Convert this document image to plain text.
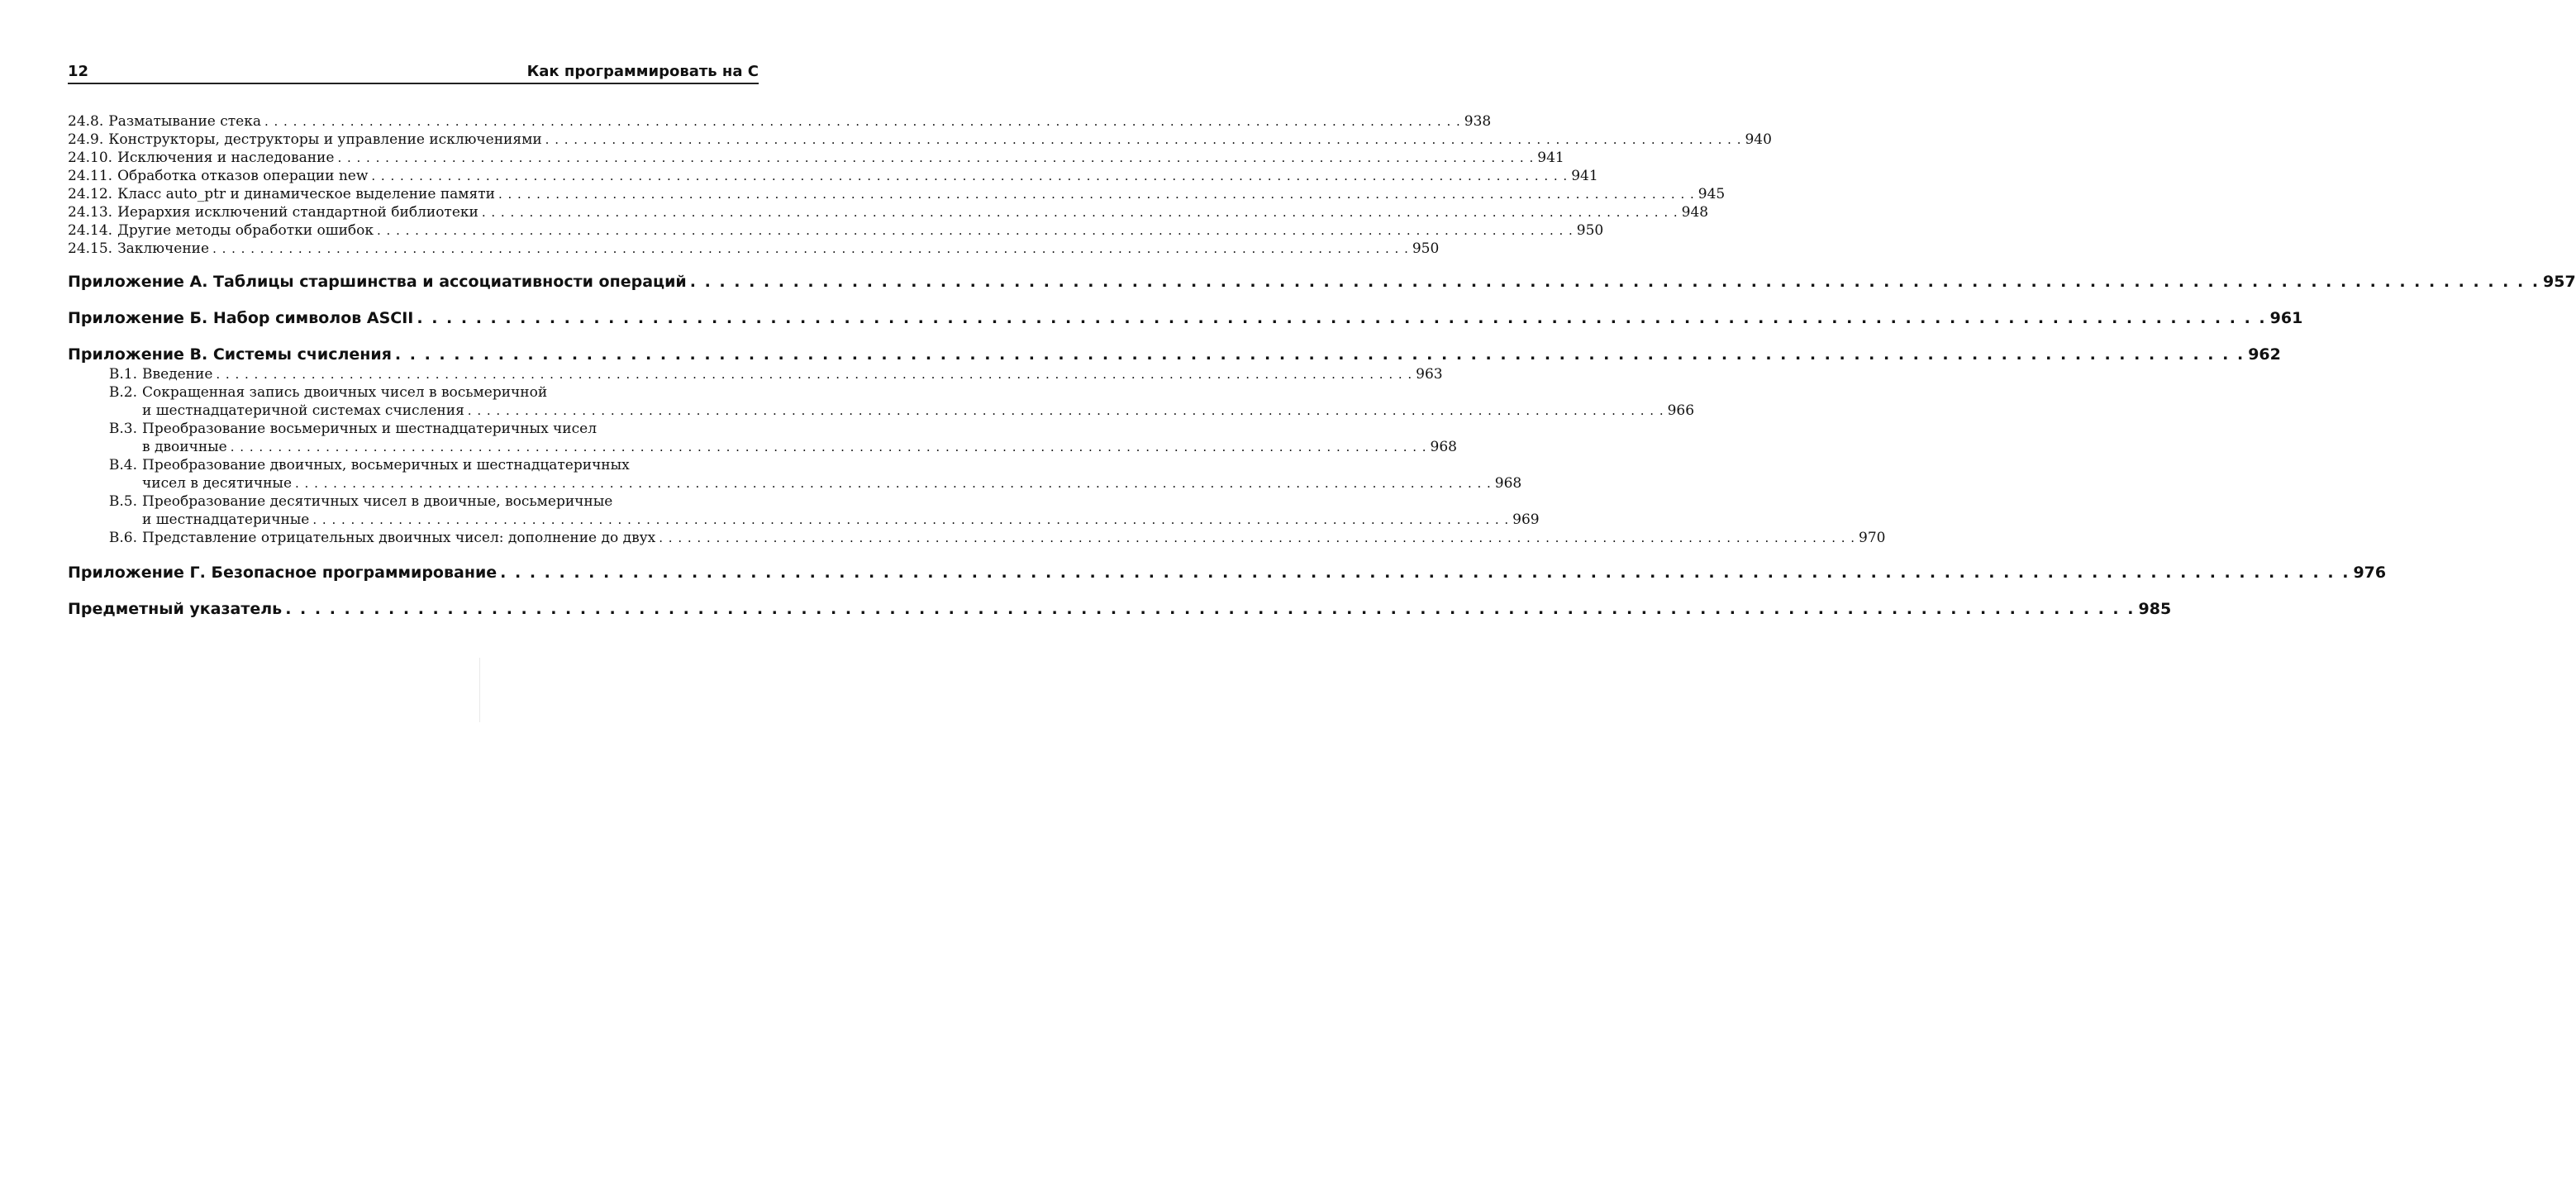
12	Как программировать на C
24.8. Разматывание стека . . .	938
24.9. Конструкторы, деструкторы и управление исключениями . . .	940
24.10. Исключения и наследование . . .	941
24.11. Обработка отказов операции new . . .	941
24.12. Класс auto_ptr и динамическое выделение памяти . . .	945
24.13. Иерархия исключений стандартной библиотеки . . .	948
24.14. Другие методы обработки ошибок . . .	950
24.15. Заключение . . .	950
Приложение А. Таблицы старшинства и ассоциативности операций . . .	957
Приложение Б. Набор символов ASCII . . .	961
Приложение В. Системы счисления . . .	962
В.1. Введение . . .	963
В.2. Сокращенная запись двоичных чисел в восьмеричной
и шестнадцатеричной системах счисления . . .	966
В.3. Преобразование восьмеричных и шестнадцатеричных чисел
в двоичные . . .	968
В.4. Преобразование двоичных, восьмеричных и шестнадцатеричных
чисел в десятичные . . .	968
В.5. Преобразование десятичных чисел в двоичные, восьмеричные
и шестнадцатеричные . . .	969
В.6. Представление отрицательных двоичных чисел: дополнение до двух . . .	970
Приложение Г. Безопасное программирование . . .	976
Предметный указатель . . .	985
